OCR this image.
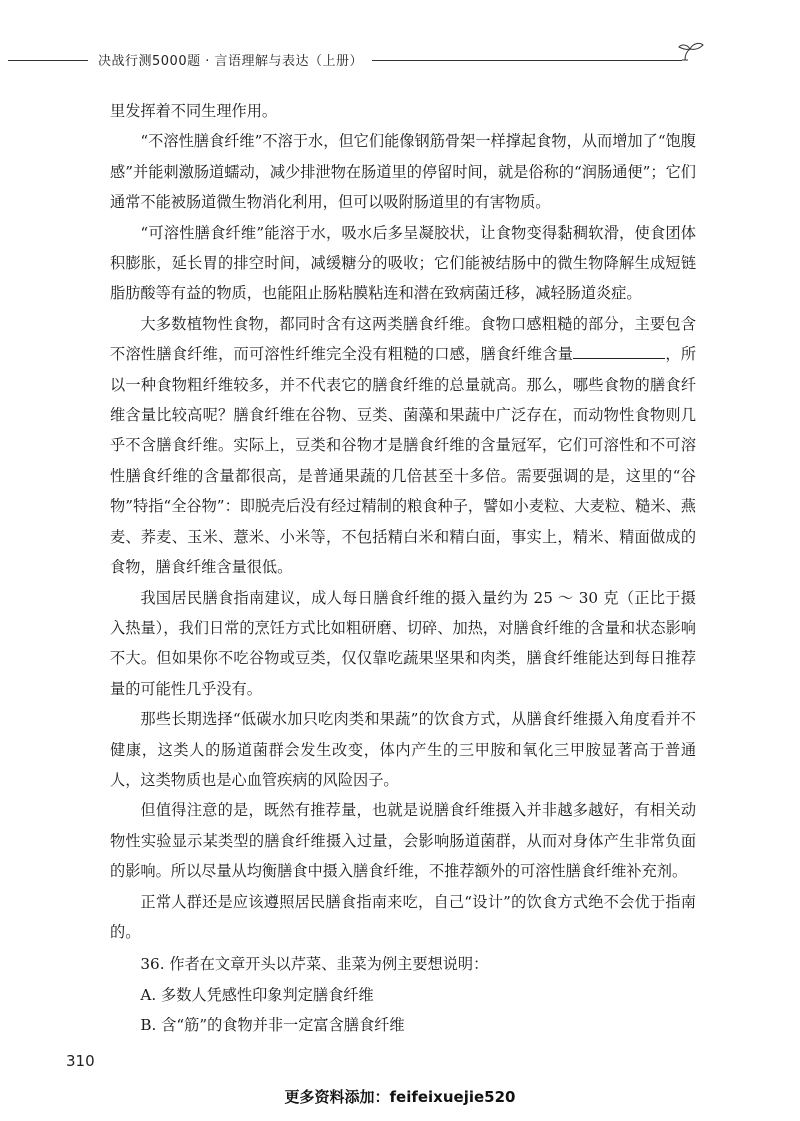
决战行测5000题 · 言语理解与表达（上册）

里发挥着不同生理作用。

“不溶性膳食纤维”不溶于水，但它们能像钢筋骨架一样撑起食物，从而增加了“饱腹感”并能刺激肠道蠕动，减少排泄物在肠道里的停留时间，就是俗称的“润肠通便”；它们通常不能被肠道微生物消化利用，但可以吸附肠道里的有害物质。

“可溶性膳食纤维”能溶于水，吸水后多呈凝胶状，让食物变得黏稠软滑，使食团体积膨胀，延长胃的排空时间，减缓糖分的吸收；它们能被结肠中的微生物降解生成短链脂肪酸等有益的物质，也能阻止肠粘膜粘连和潜在致病菌迁移，减轻肠道炎症。

大多数植物性食物，都同时含有这两类膳食纤维。食物口感粗糙的部分，主要包含不溶性膳食纤维，而可溶性纤维完全没有粗糙的口感，膳食纤维含量	，所以一种食物粗纤维较多，并不代表它的膳食纤维的总量就高。那么，哪些食物的膳食纤维含量比较高呢？膳食纤维在谷物、豆类、菌藻和果蔬中广泛存在，而动物性食物则几乎不含膳食纤维。实际上，豆类和谷物才是膳食纤维的含量冠军，它们可溶性和不可溶性膳食纤维的含量都很高，是普通果蔬的几倍甚至十多倍。需要强调的是，这里的“谷物”特指“全谷物”：即脱壳后没有经过精制的粮食种子，譬如小麦粒、大麦粒、糙米、燕麦、荞麦、玉米、薏米、小米等，不包括精白米和精白面，事实上，精米、精面做成的食物，膳食纤维含量很低。

我国居民膳食指南建议，成人每日膳食纤维的摄入量约为 25 ～ 30 克（正比于摄入热量），我们日常的烹饪方式比如粗研磨、切碎、加热，对膳食纤维的含量和状态影响不大。但如果你不吃谷物或豆类，仅仅靠吃蔬果坚果和肉类，膳食纤维能达到每日推荐量的可能性几乎没有。

那些长期选择“低碳水加只吃肉类和果蔬”的饮食方式，从膳食纤维摄入角度看并不健康，这类人的肠道菌群会发生改变，体内产生的三甲胺和氧化三甲胺显著高于普通人，这类物质也是心血管疾病的风险因子。

但值得注意的是，既然有推荐量，也就是说膳食纤维摄入并非越多越好，有相关动物性实验显示某类型的膳食纤维摄入过量，会影响肠道菌群，从而对身体产生非常负面的影响。所以尽量从均衡膳食中摄入膳食纤维，不推荐额外的可溶性膳食纤维补充剂。

正常人群还是应该遵照居民膳食指南来吃，自己“设计”的饮食方式绝不会优于指南的。

36. 作者在文章开头以芹菜、韭菜为例主要想说明：

A. 多数人凭感性印象判定膳食纤维

B. 含“筋”的食物并非一定富含膳食纤维

310
更多资料添加：feifeixuejie520
